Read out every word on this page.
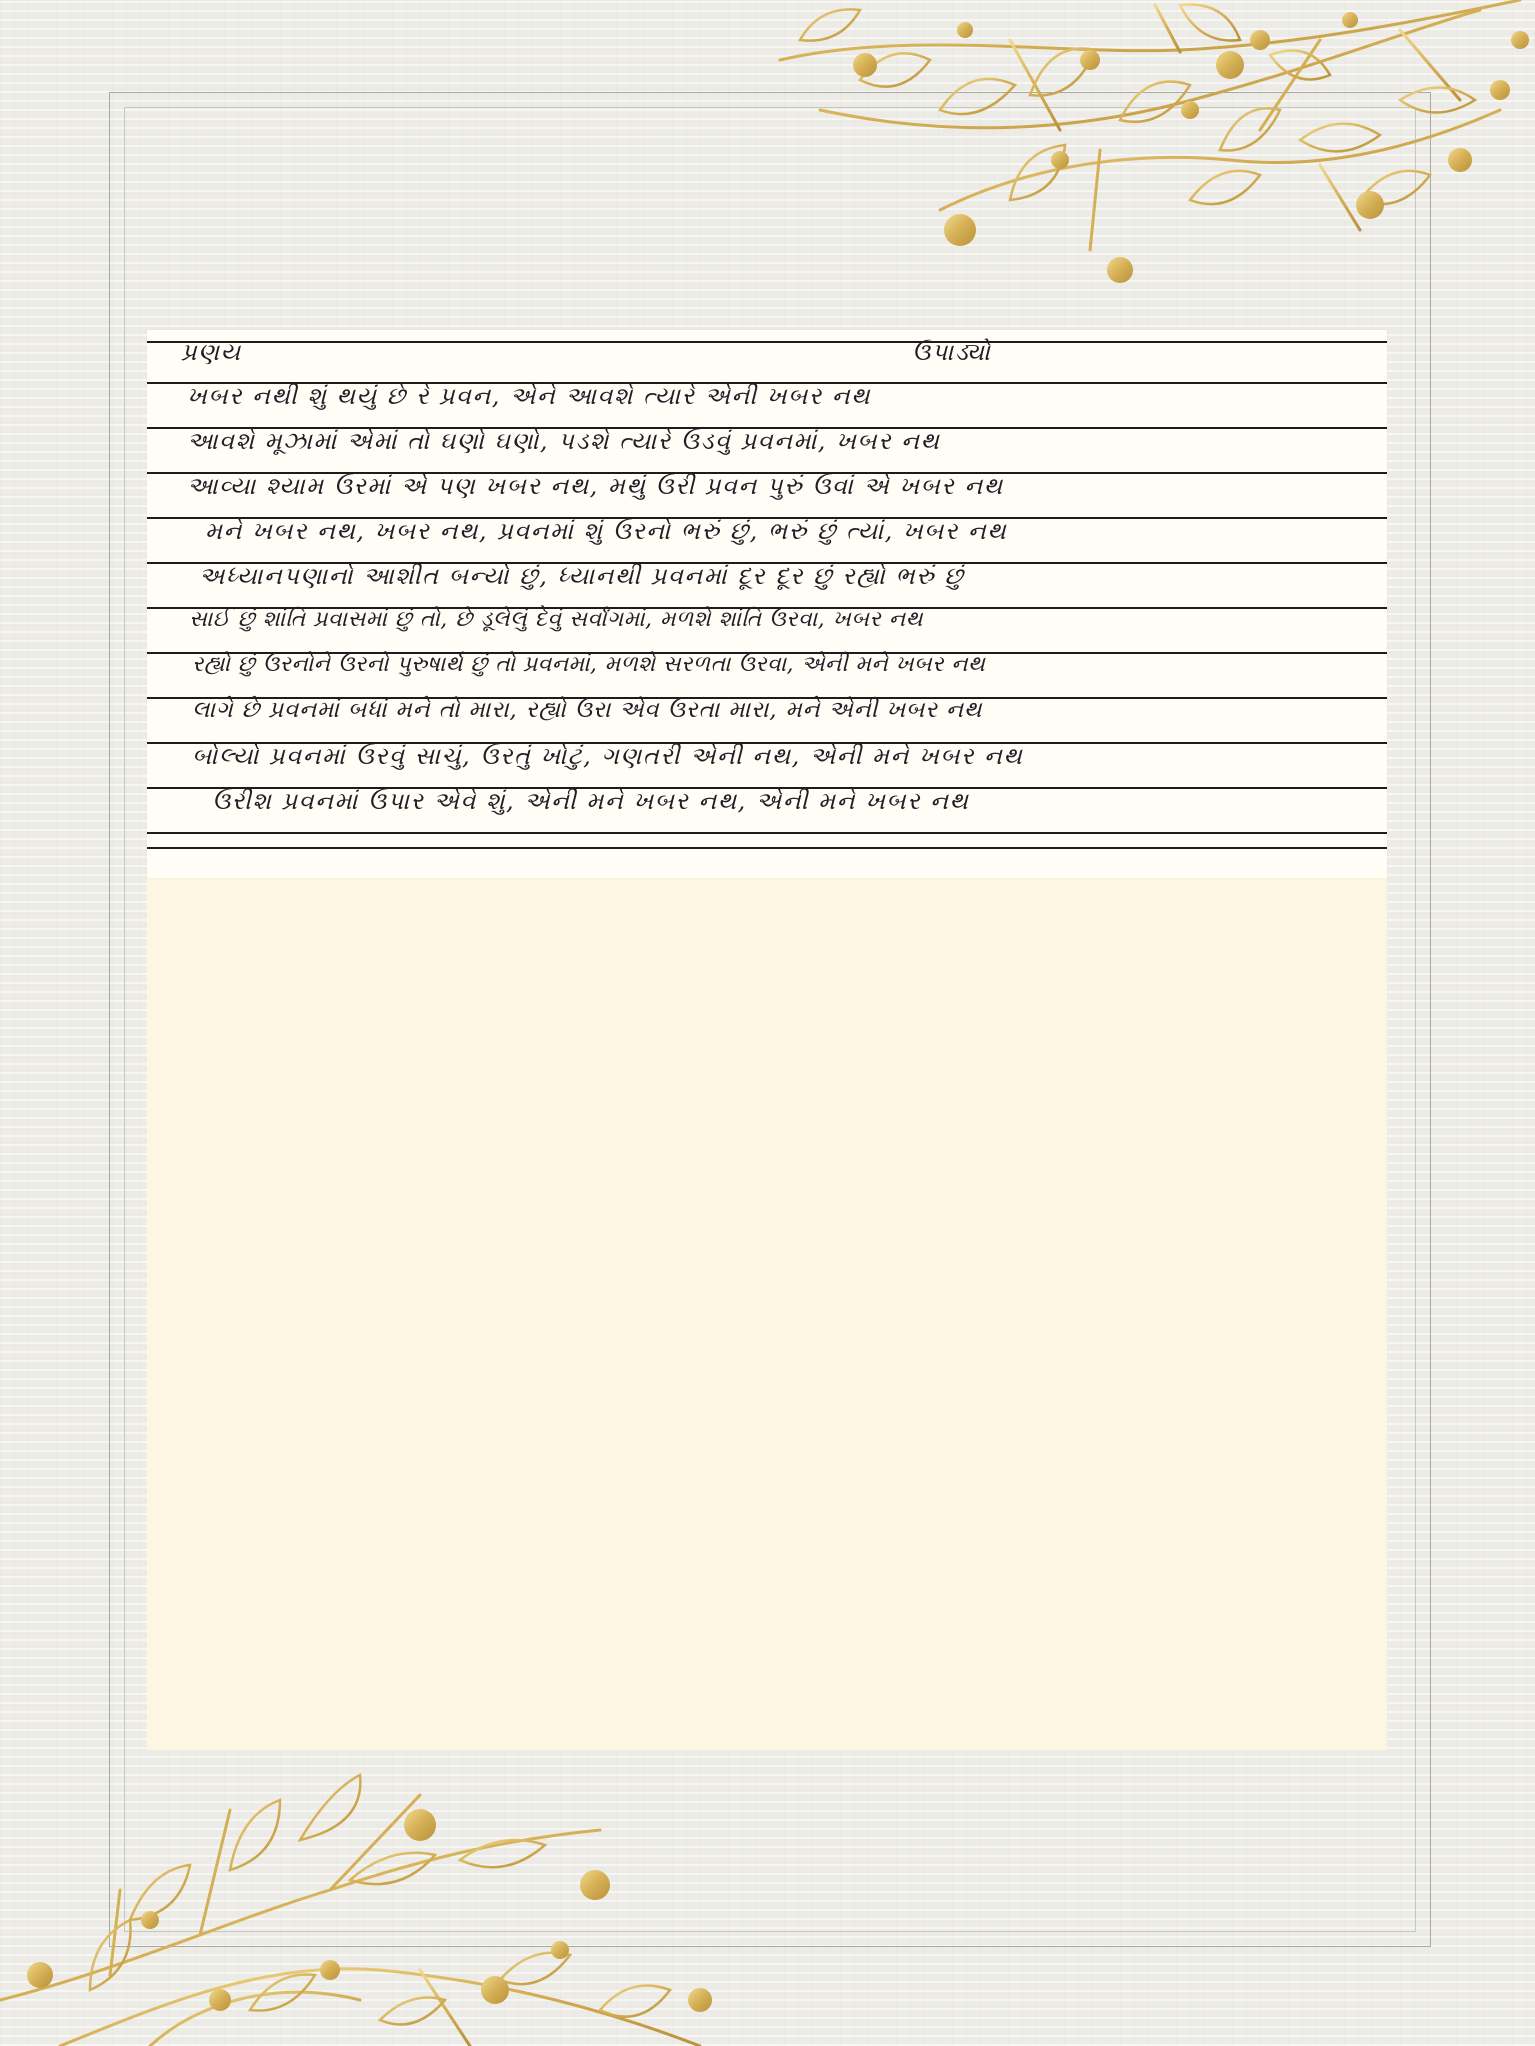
પ્રણય	ઉપાડ્યો
ખબર નથી શું થયું છે રે પ્રવન, એને આવશે ત્યારે એની ખબર નથ
આવશે મૂઝામાં એમાં તો ઘણો ઘણો, પડશે ત્યારે ઉડવું પ્રવનમાં, ખબર નથ
આવ્યા શ્યામ ઉરમાં એ પણ ખબર નથ, મથું ઉરી પ્રવન પુરું ઉવાં એ ખબર નથ
મને ખબર નથ, ખબર નથ, પ્રવનમાં શું ઉરનો ભરું છું, ભરું છું ત્યાં, ખબર નથ
અધ્યાનપણાનો આશીત બન્યો છું, ધ્યાનથી પ્રવનમાં દૂર દૂર છું રહ્યો ભરું છું
સાઈ છું શાંતિ પ્રવાસમાં છું તો, છે ડૂલેલું દેવું સર્વાંગમાં, મળશે શાંતિ ઉરવા, ખબર નથ
રહ્યો છું ઉરનોને ઉરનો પુરુષાર્થ છું તો પ્રવનમાં, મળશે સરળતા ઉરવા, એની મને ખબર નથ
લાગે છે પ્રવનમાં બધાં મને તો મારા, રહ્યો ઉરા એવ ઉરતા મારા, મને એની ખબર નથ
બોલ્યો પ્રવનમાં ઉરવું સાચું, ઉરતું ખોટું, ગણતરી એની નથ, એની મને ખબર નથ
ઉરીશ પ્રવનમાં ઉપાર એવે શું, એની મને ખબર નથ, એની મને ખબર નથ
